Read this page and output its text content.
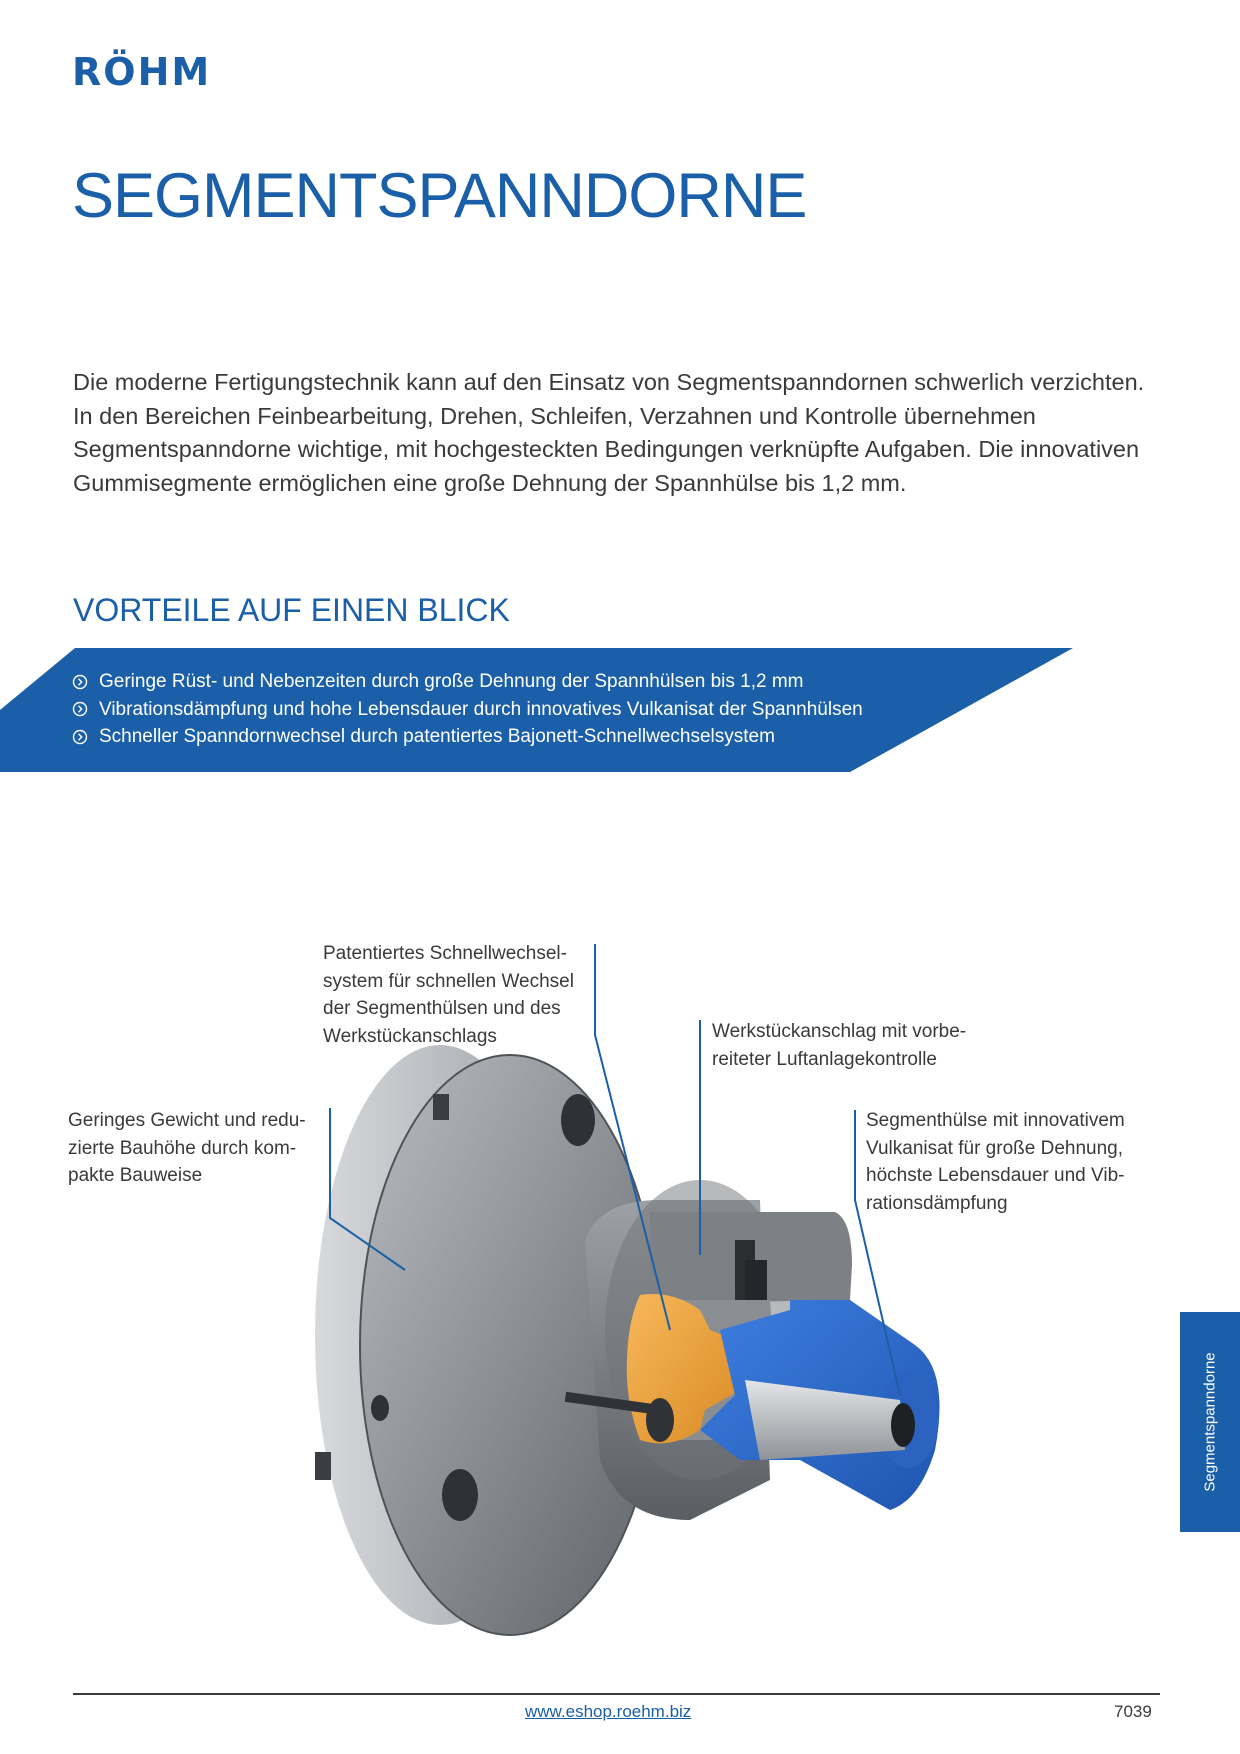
RÖHM
SEGMENTSPANNDORNE

Die moderne Fertigungstechnik kann auf den Einsatz von Segmentspanndornen schwerlich verzichten. In den Bereichen Feinbearbeitung, Drehen, Schleifen, Verzahnen und Kontrolle übernehmen Segmentspanndorne wichtige, mit hochgesteckten Bedingungen verknüpfte Aufgaben. Die innovativen Gummisegmente ermöglichen eine große Dehnung der Spannhülse bis 1,2 mm.

VORTEILE AUF EINEN BLICK
Geringe Rüst- und Nebenzeiten durch große Dehnung der Spannhülsen bis 1,2 mm
Vibrationsdämpfung und hohe Lebensdauer durch innovatives Vulkanisat der Spannhülsen
Schneller Spanndornwechsel durch patentiertes Bajonett-Schnellwechselsystem
Patentiertes Schnellwechsel-
system für schnellen Wechsel
der Segmenthülsen und des
Werkstückanschlags	Werkstückanschlag mit vorbe-
reiteter Luftanlagekontrolle
Geringes Gewicht und redu-
zierte Bauhöhe durch kom-
pakte Bauweise
Segmenthülse mit innovativem
Vulkanisat für große Dehnung,
höchste Lebensdauer und Vib-
rationsdämpfung
Segmentspanndorne
www.eshop.roehm.biz	7039
